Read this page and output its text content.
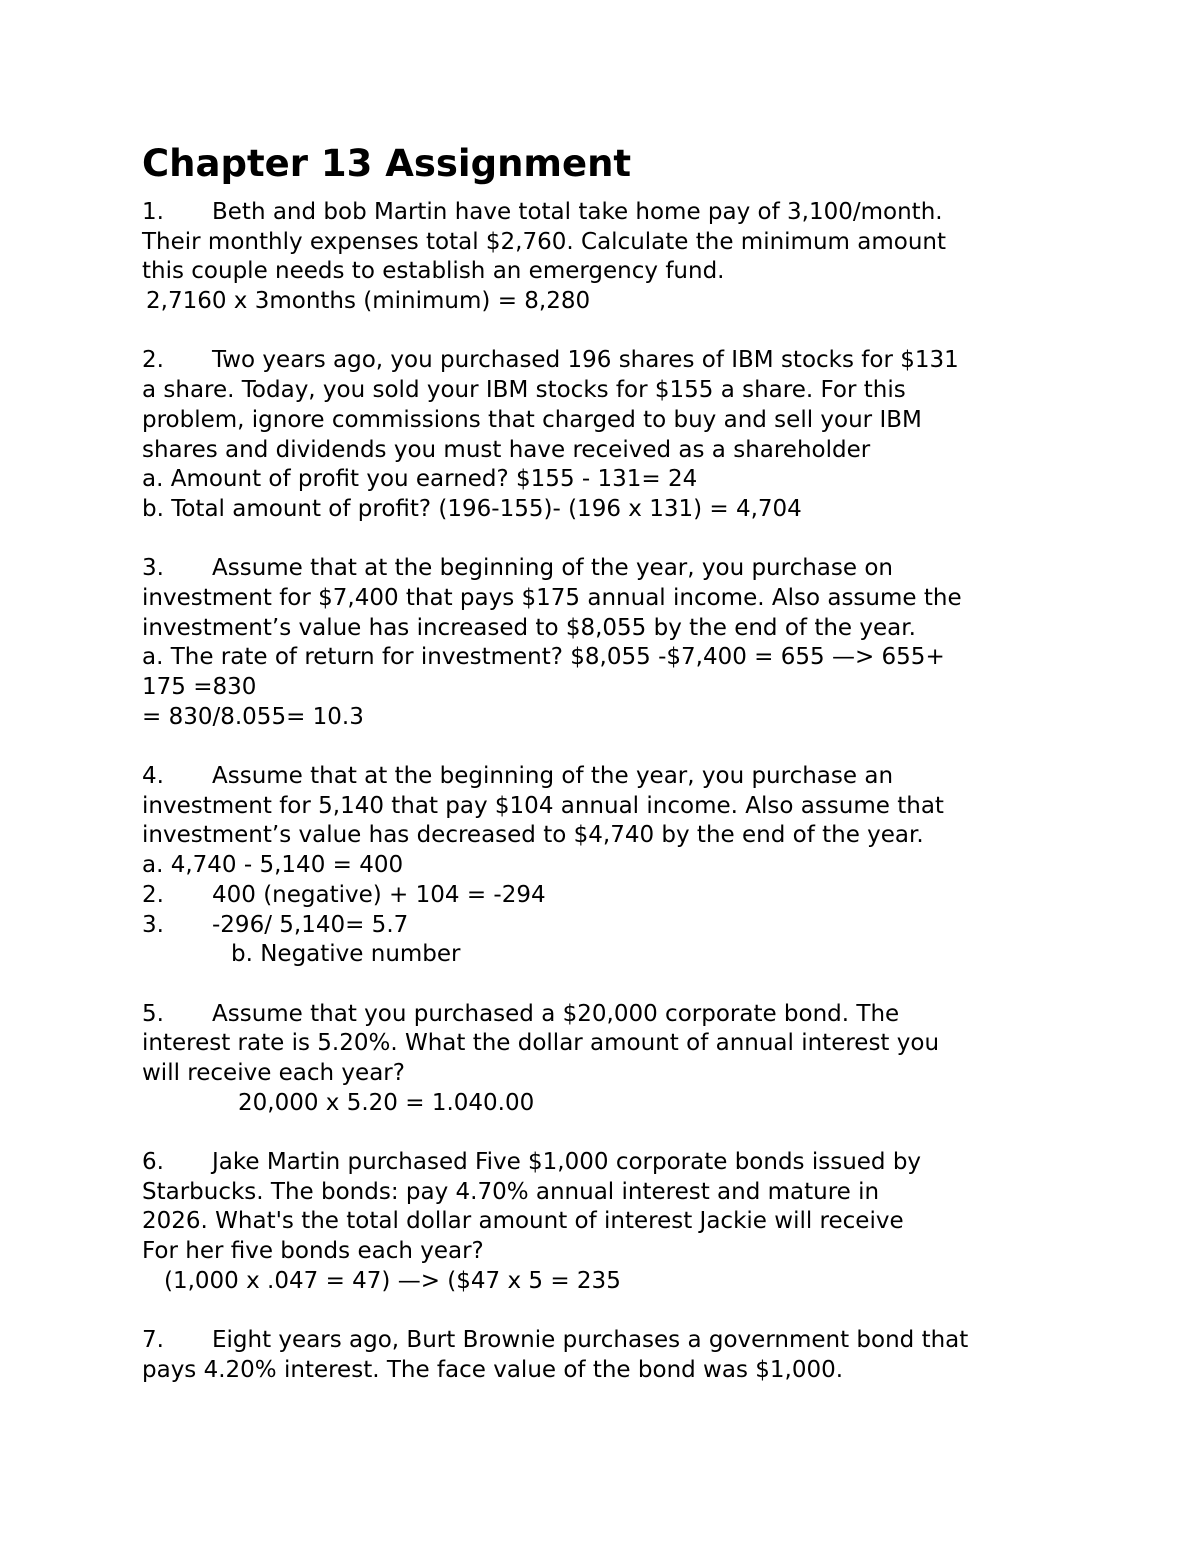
Chapter 13 Assignment
1. Beth and bob Martin have total take home pay of 3,100/month.
Their monthly expenses total $2,760. Calculate the minimum amount
this couple needs to establish an emergency fund.
2,7160 x 3months (minimum) = 8,280
2. Two years ago, you purchased 196 shares of IBM stocks for $131
a share. Today, you sold your IBM stocks for $155 a share. For this
problem, ignore commissions that charged to buy and sell your IBM
shares and dividends you must have received as a shareholder
a. Amount of profit you earned? $155 - 131= 24
b. Total amount of profit? (196-155)- (196 x 131) = 4,704
3. Assume that at the beginning of the year, you purchase on
investment for $7,400 that pays $175 annual income. Also assume the
investment’s value has increased to $8,055 by the end of the year.
a. The rate of return for investment? $8,055 -$7,400 = 655 —> 655+
175 =830
= 830/8.055= 10.3
4. Assume that at the beginning of the year, you purchase an
investment for 5,140 that pay $104 annual income. Also assume that
investment’s value has decreased to $4,740 by the end of the year.
a. 4,740 - 5,140 = 400
2. 400 (negative) + 104 = -294
3. -296/ 5,140= 5.7
b. Negative number
5. Assume that you purchased a $20,000 corporate bond. The
interest rate is 5.20%. What the dollar amount of annual interest you
will receive each year?
20,000 x 5.20 = 1.040.00
6. Jake Martin purchased Five $1,000 corporate bonds issued by
Starbucks. The bonds: pay 4.70% annual interest and mature in
2026. What's the total dollar amount of interest Jackie will receive
For her five bonds each year?
(1,000 x .047 = 47) —> ($47 x 5 = 235
7. Eight years ago, Burt Brownie purchases a government bond that
pays 4.20% interest. The face value of the bond was $1,000.
